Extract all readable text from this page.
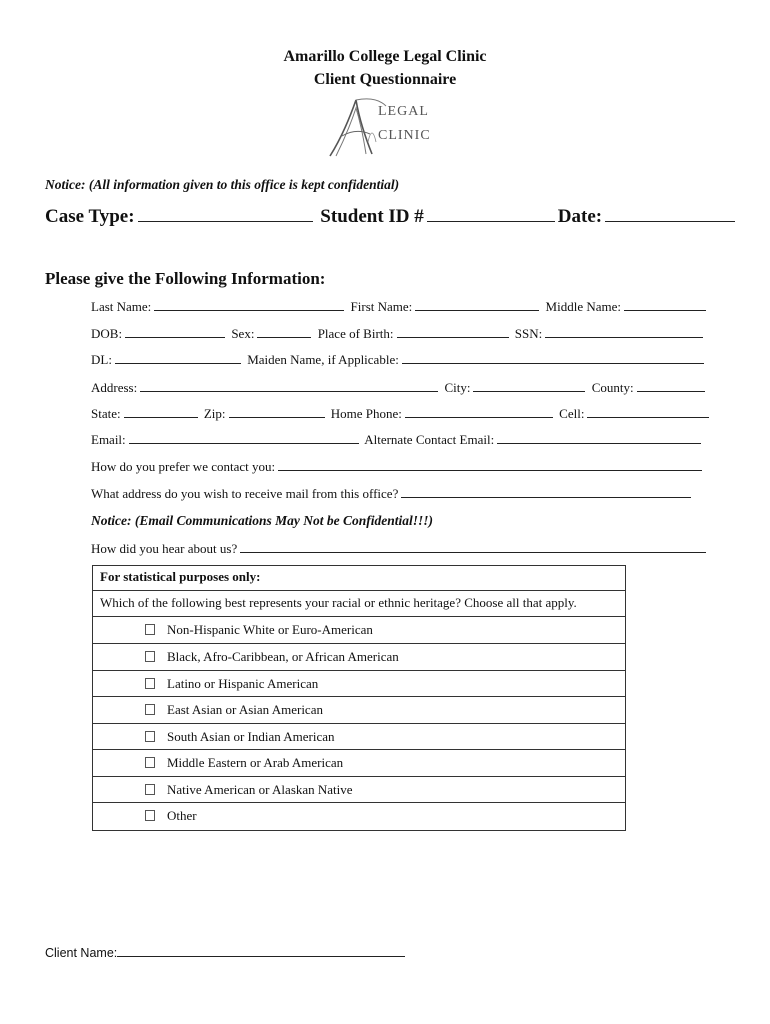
Amarillo College Legal Clinic
Client Questionnaire
LEGAL
CLINIC
Notice: (All information given to this office is kept confidential)
Case Type:	Student ID #	Date:
Please give the Following Information:
Last Name:	First Name:	Middle Name:
DOB:	Sex:	Place of Birth:	SSN:
DL:	Maiden Name, if Applicable:
Address:	City:	County:
State:	Zip:	Home Phone:	Cell:
Email:	Alternate Contact Email:
How do you prefer we contact you:
What address do you wish to receive mail from this office?
Notice: (Email Communications May Not be Confidential!!!)
How did you hear about us?
For statistical purposes only:
Which of the following best represents your racial or ethnic heritage? Choose all that apply.
Non-Hispanic White or Euro-American
Black, Afro-Caribbean, or African American
Latino or Hispanic American
East Asian or Asian American
South Asian or Indian American
Middle Eastern or Arab American
Native American or Alaskan Native
Other
Client Name:
